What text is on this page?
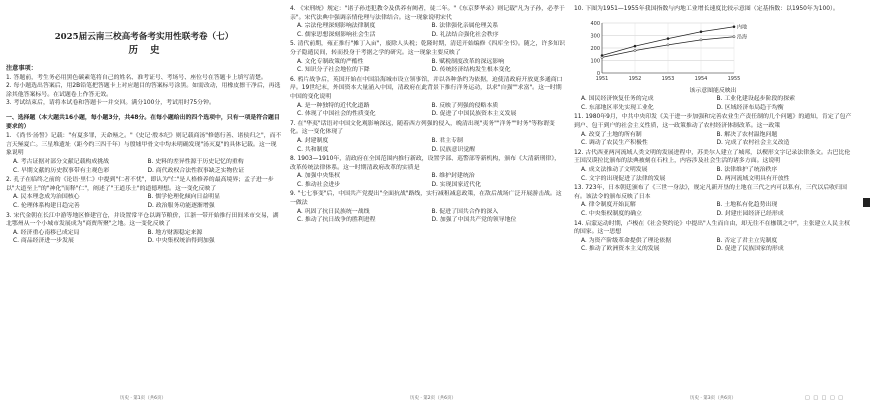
2025届云南三校高考备考实用性联考卷（七）
历史
注意事项：

1. 答题前，考生务必用黑色碳素笔将自己的姓名、准考证号、考场号、座位号在答题卡上填写清楚。

2. 每小题选出答案后，用2B铅笔把答题卡上对应题目的答案标号涂黑。如需改动，用橡皮擦干净后，再选涂其他答案标号。在试题卷上作答无效。

3. 考试结束后，请将本试卷和答题卡一并交回。满分100分，考试用时75分钟。

一、选择题（本大题共16小题，每小题3分，共48分。在每小题给出的四个选项中，只有一项是符合题目要求的）

1. 《尚书·汤誓》记载："有夏多罪，天命殛之。"《史记·殷本纪》则记载商汤"修德行善、诸侯归之"，而不言天殛夏亡。三星堆遗址（距今约三四千年）与殷墟甲骨文中均未明确发现"汤灭夏"的具体记载。这一现象说明

A. 考古证据对部分文献记载构成挑战	B. 史料的差异性源于历史记忆的重构
C. 早期文献的历史叙事带有主观色彩	D. 商代政权合法性叙事缺乏实物佐证

2. 孔子在临终之前的《论语·里仁》中提到"仁者不忧"，即认为"仁"是人格修养的最高境界；孟子进一步以"大道至上"的"神化"而释"仁"，阐述了"王道乐土"的道德理想。这一变化反映了

A. 民本理念成为治国核心	B. 儒学伦理化倾向日益明显
C. 伦理体系构建日趋完善	D. 政治服务功能逐渐增强

3. 宋代金朝在长江中游等地区修建官仓，并设置常平仓以调节粮价，江浙一带开始推行田间米市交易，湖北鄂州从一个小城市发展成为"商贾所聚"之地。这一变化反映了

A. 经济重心南移已成定局	B. 地方财源稳定来源
C. 商品经济进一步发展	D. 中央集权统治得到加强

4. 《宋刑统》规定："诸子孙违犯教令及供养有阙者，徒二年。"《东京梦华录》则记载"凡为子孙，必孝于亲"。宋代法典中强调亲情伦理与法律结合。这一现象说明宋代

A. 宗法伦理深刻影响法律制度	B. 法律强化亲属伦理关系
C. 儒家思想深刻影响社会生活	D. 礼法结合强化社会秩序

5. 清代前期，雍正推行"摊丁入亩"，废除人头税；乾隆时期，清廷开始编修《四库全书》。随之，许多知识分子隐遁民间，转而投身于考据之学的研究。这一现象主要反映了

A. 文化专制政策的严酷性	B. 赋税制度改革的深远影响
C. 知识分子社会地位的下降	D. 传统经济结构发生根本变化

6. 鸦片战争后，英国开始在中国沿海城市设立领事馆，并以各种条约为依据，迫使清政府开放更多通商口岸。19世纪末，外国资本大量涌入中国，清政府在此背景下推行洋务运动，以求"自强""求富"。这一时期中国的变化说明

A. 是一种独特的近代化道路	B. 反映了列强的侵略本质
C. 体现了中国社会的性质变化	D. 促进了中国民族资本主义发展

7. 在"华夷"话语对中国文化观影响深远，随着西方列强的侵入，晚清出现"夷务""洋务""时务"等称谓变化。这一变化体现了

A. 封建制度	B. 君主专制
C. 共和制度	D. 民族意识觉醒

8. 1903—1910年，清政府在全国范围内推行新政，设置学部、巡警部等新机构，颁布《大清新刑律》，改革传统法律体系。这一时期清政府改革的实质是

A. 加强中央集权	B. 维护封建统治
C. 推动社会进步	D. 实现国家近代化

9. "七七事变"后，中国共产党提出"全面抗战"路线，实行减租减息政策，在敌后战场广泛开展游击战。这一做法

A. 巩固了抗日民族统一战线	B. 促进了国共合作的深入
C. 推动了抗日战争的胜利进程	D. 加强了中国共产党的领导地位

10. 下图为1951—1955年我国指数与内地工业增长速度比较示意图（定基指数：以1950年为100）。

0
100
200
300
400
1951	1952	1953	1954	1955
内地
沿海
该示意图能反映出
A. 国民经济恢复任务的完成	B. 工业化建设起步阶段的探索
C. 东部地区率先实现工业化	D. 区域经济布局趋于均衡

11. 1980年9月，中共中央印发《关于进一步加强和完善农业生产责任制的几个问题》的通知，肯定了包产到户、包干到户的社会主义性质，这一政策推动了农村经济体制改革。这一政策

A. 改变了土地的所有制	B. 解决了农村温饱问题
C. 调动了农民生产积极性	D. 完成了农村社会主义改造

12. 古代西亚两河流域人类文明的发展进程中，苏美尔人建立了城邦，以楔形文字记录法律条文。古巴比伦王国汉谟拉比颁布的法典被刻在石柱上，内容涉及社会生活的诸多方面。这说明

A. 成文法推动了文明发展	B. 法律维护了统治秩序
C. 文字的出现促进了法律的发展	D. 两河流域文明具有开放性

13. 723年，日本朝廷颁布了《三世一身法》，规定凡新开垦的土地在三代之内可以私有，三代以后收归国有。该法令的颁布反映了日本

A. 律令制度开始瓦解	B. 土地私有化趋势出现
C. 中央集权制度的确立	D. 封建庄园经济已经形成

14. 启蒙运动时期，卢梭在《社会契约论》中提出"人生而自由，却无往不在枷锁之中"，主张建立人民主权的国家。这一思想

A. 为资产阶级革命提供了理论依据	B. 否定了君主立宪制度
C. 推动了欧洲资本主义的发展	D. 促进了民族国家的形成
历史 · 第1页（共6页）	历史 · 第2页（共6页）	历史 · 第3页（共6页）	□ □ □ □ □
